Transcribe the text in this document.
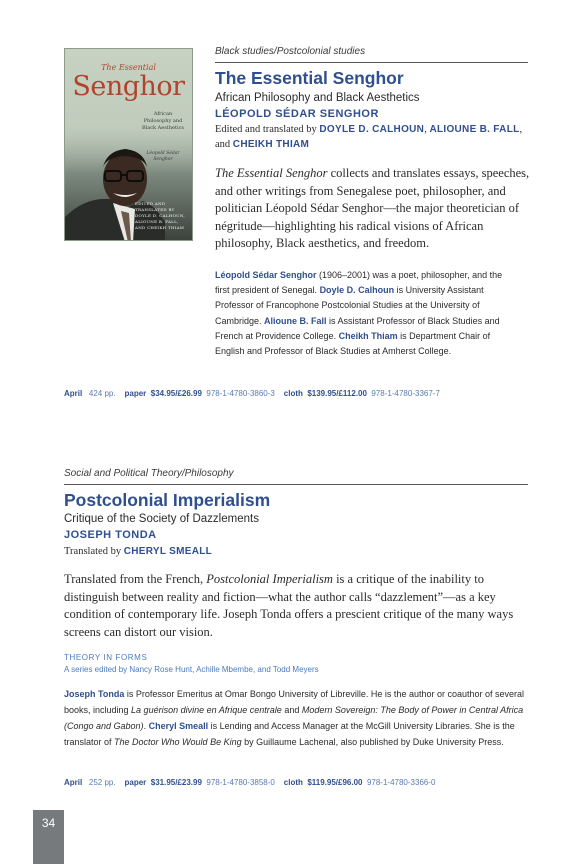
The Essential
Senghor
African Philosophy and Black Aesthetics
Léopold Sédar Senghor
EDITED AND TRANSLATED BY DOYLE D. CALHOUN, ALIOUNE B. FALL, AND CHEIKH THIAM
Black studies/Postcolonial studies
The Essential Senghor
African Philosophy and Black Aesthetics
LÉOPOLD SÉDAR SENGHOR
Edited and translated by DOYLE D. CALHOUN, ALIOUNE B. FALL,
and CHEIKH THIAM
The Essential Senghor collects and translates essays, speeches, and other writings from Senegalese poet, philosopher, and politician Léopold Sédar Senghor—the major theoretician of négritude—highlighting his radical visions of African philosophy, Black aesthetics, and freedom.
Léopold Sédar Senghor (1906–2001) was a poet, philosopher, and the first president of Senegal. Doyle D. Calhoun is University Assistant Professor of Francophone Postcolonial Studies at the University of Cambridge. Alioune B. Fall is Assistant Professor of Black Studies and French at Providence College. Cheikh Thiam is Department Chair of English and Professor of Black Studies at Amherst College.
April 424 pp. paper $34.95/£26.99 978-1-4780-3860-3 cloth $139.95/£112.00 978-1-4780-3367-7
Social and Political Theory/Philosophy
Postcolonial Imperialism
Critique of the Society of Dazzlements
JOSEPH TONDA
Translated by CHERYL SMEALL
Translated from the French, Postcolonial Imperialism is a critique of the inability to distinguish between reality and fiction—what the author calls “dazzlement”—as a key condition of contemporary life. Joseph Tonda offers a prescient critique of the many ways screens can distort our vision.
THEORY IN FORMS
A series edited by Nancy Rose Hunt, Achille Mbembe, and Todd Meyers
Joseph Tonda is Professor Emeritus at Omar Bongo University of Libreville. He is the author or coauthor of several books, including La guérison divine en Afrique centrale and Modern Sovereign: The Body of Power in Central Africa (Congo and Gabon). Cheryl Smeall is Lending and Access Manager at the McGill University Libraries. She is the translator of The Doctor Who Would Be King by Guillaume Lachenal, also published by Duke University Press.
April 252 pp. paper $31.95/£23.99 978-1-4780-3858-0 cloth $119.95/£96.00 978-1-4780-3366-0
34
